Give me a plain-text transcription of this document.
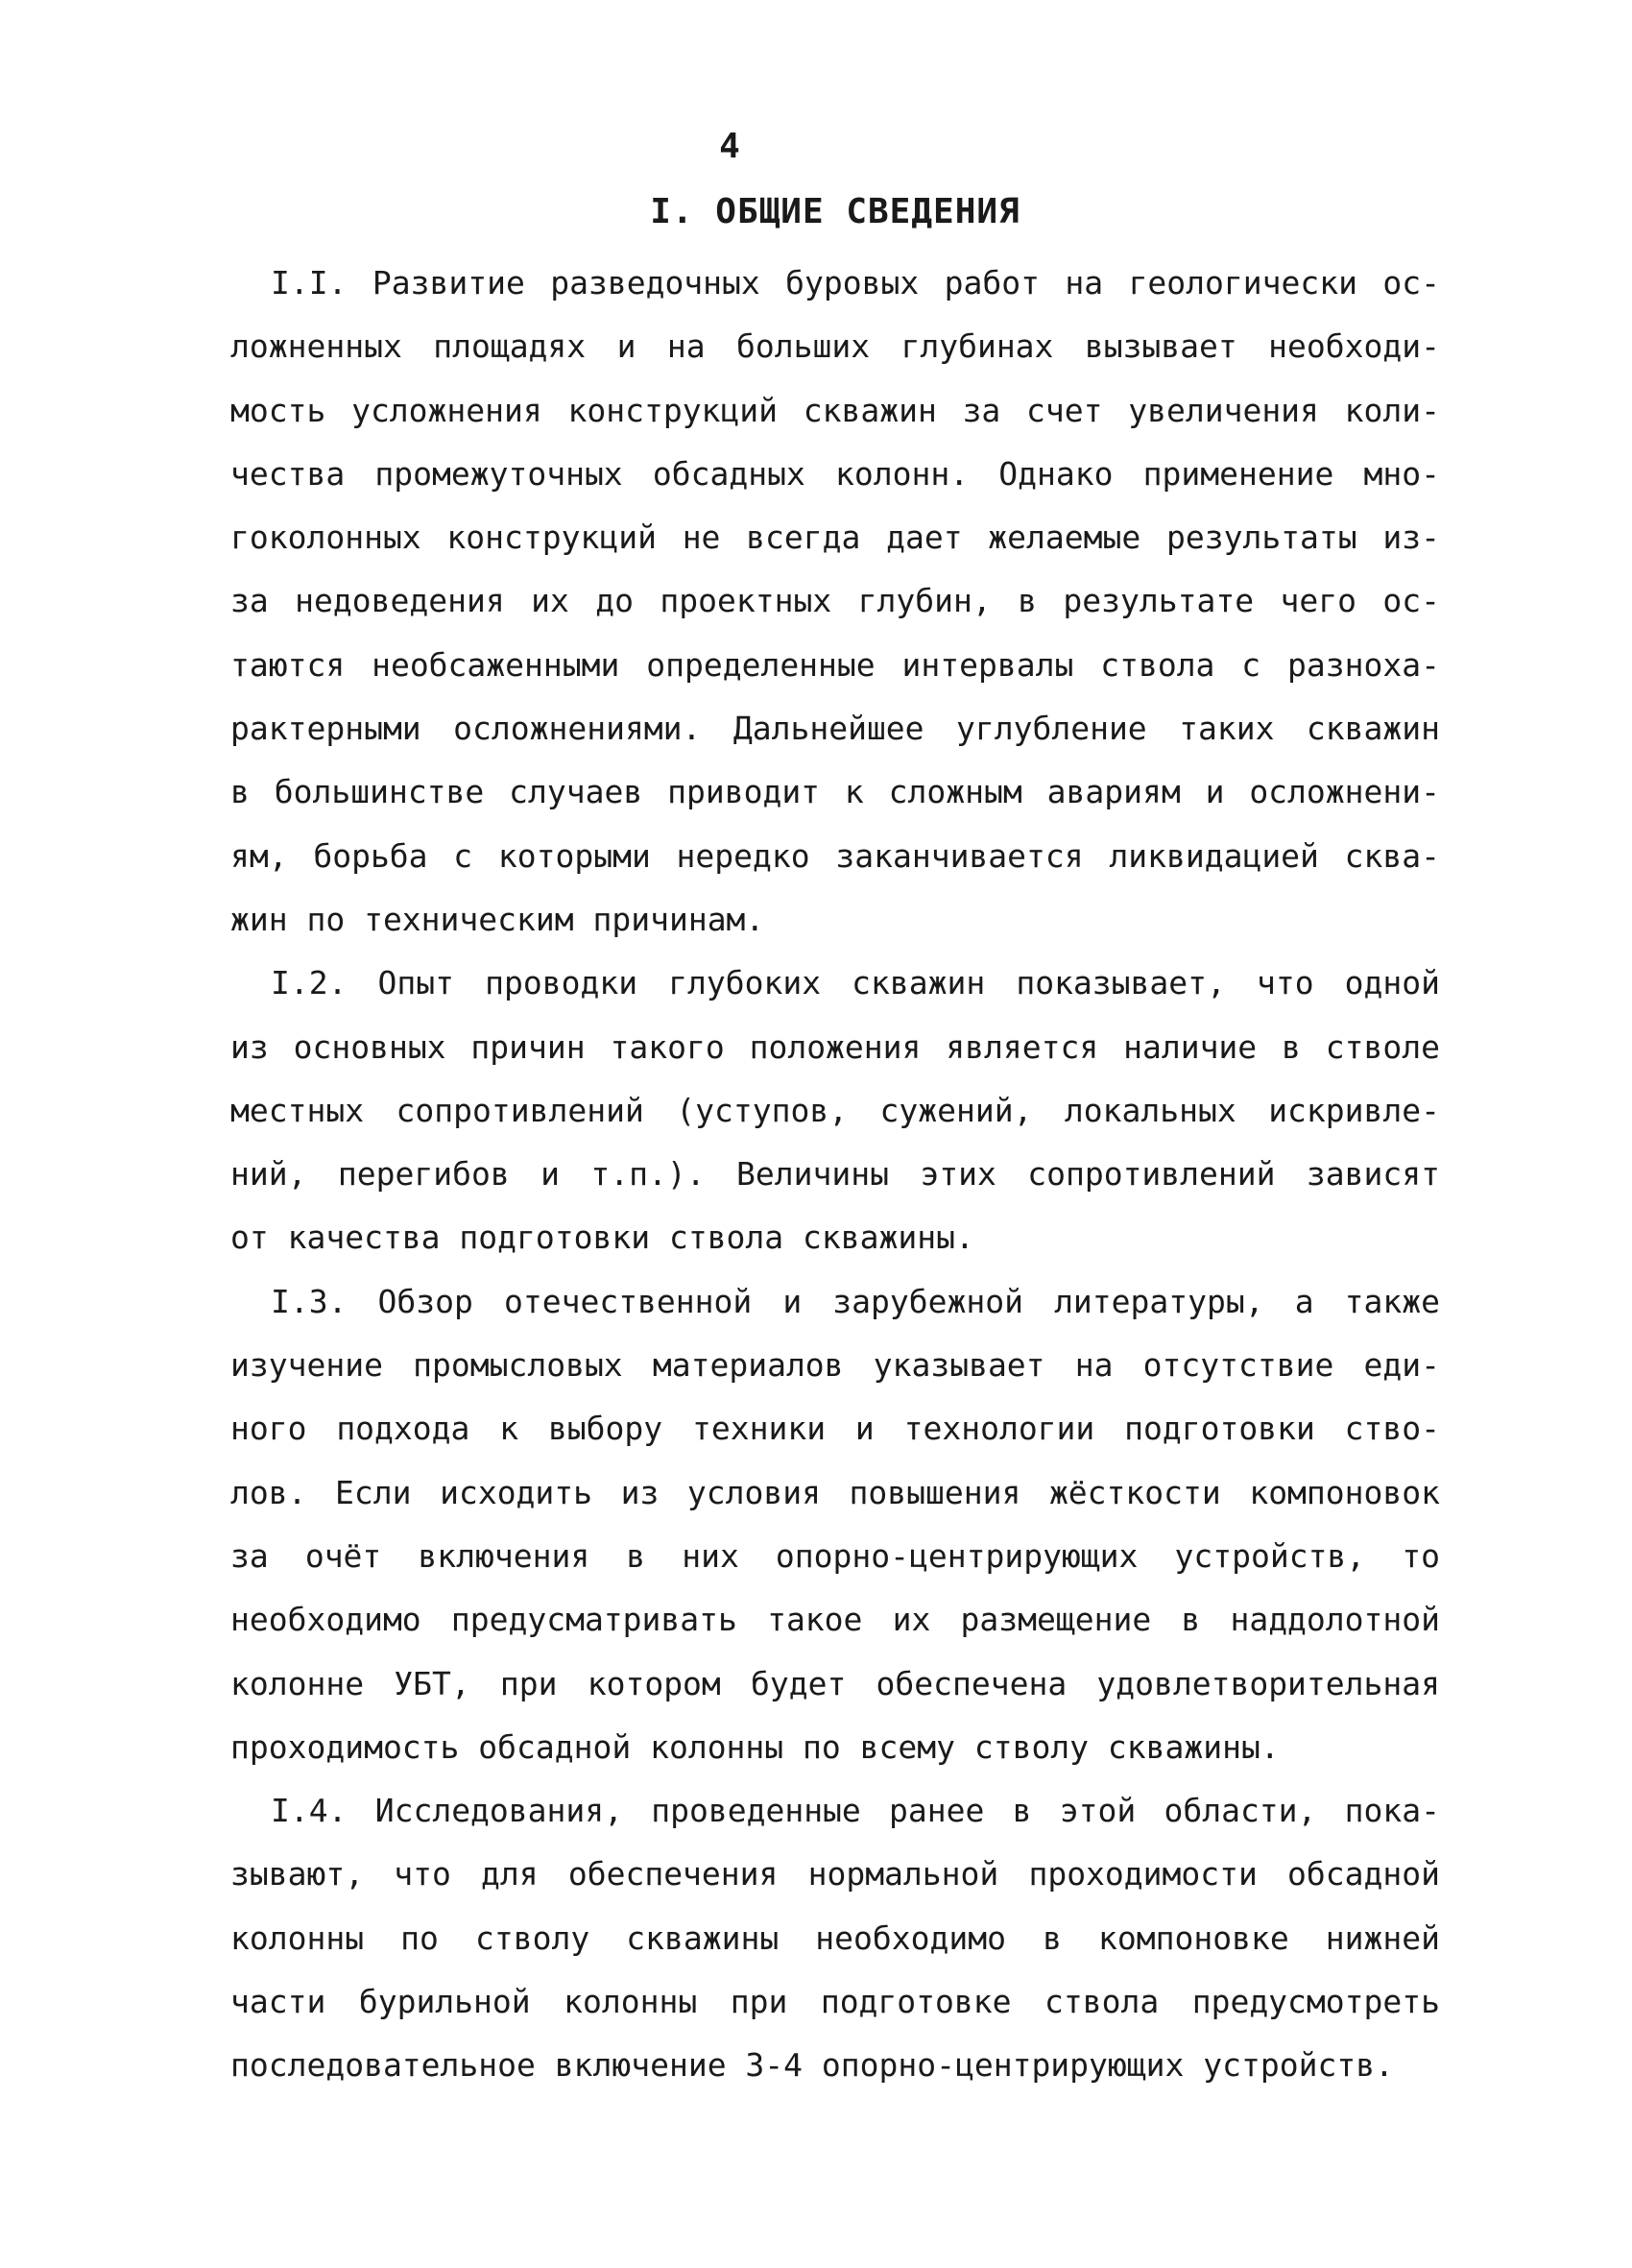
4
I. ОБЩИЕ СВЕДЕНИЯ
I.I. Развитие разведочных буровых работ на геологически ос-
ложненных площадях и на больших глубинах вызывает необходи-
мость усложнения конструкций скважин за счет увеличения коли-
чества промежуточных обсадных колонн. Однако применение мно-
гоколонных конструкций не всегда дает желаемые результаты из-
за недоведения их до проектных глубин, в результате чего ос-
таются необсаженными определенные интервалы ствола с разноха-
рактерными осложнениями. Дальнейшее углубление таких скважин
в большинстве случаев приводит к сложным авариям и осложнени-
ям, борьба с которыми нередко заканчивается ликвидацией сква-
жин по техническим причинам.
I.2. Опыт проводки глубоких скважин показывает, что одной
из основных причин такого положения является наличие в стволе
местных сопротивлений (уступов, сужений, локальных искривле-
ний, перегибов и т.п.). Величины этих сопротивлений зависят
от качества подготовки ствола скважины.
I.3. Обзор отечественной и зарубежной литературы, а также
изучение промысловых материалов указывает на отсутствие еди-
ного подхода к выбору техники и технологии подготовки ство-
лов. Если исходить из условия повышения жёсткости компоновок
за очёт включения в них опорно-центрирующих устройств, то
необходимо предусматривать такое их размещение в наддолотной
колонне УБТ, при котором будет обеспечена удовлетворительная
проходимость обсадной колонны по всему стволу скважины.
I.4. Исследования, проведенные ранее в этой области, пока-
зывают, что для обеспечения нормальной проходимости обсадной
колонны по стволу скважины необходимо в компоновке нижней
части бурильной колонны при подготовке ствола предусмотреть
последовательное включение 3-4 опорно-центрирующих устройств.
